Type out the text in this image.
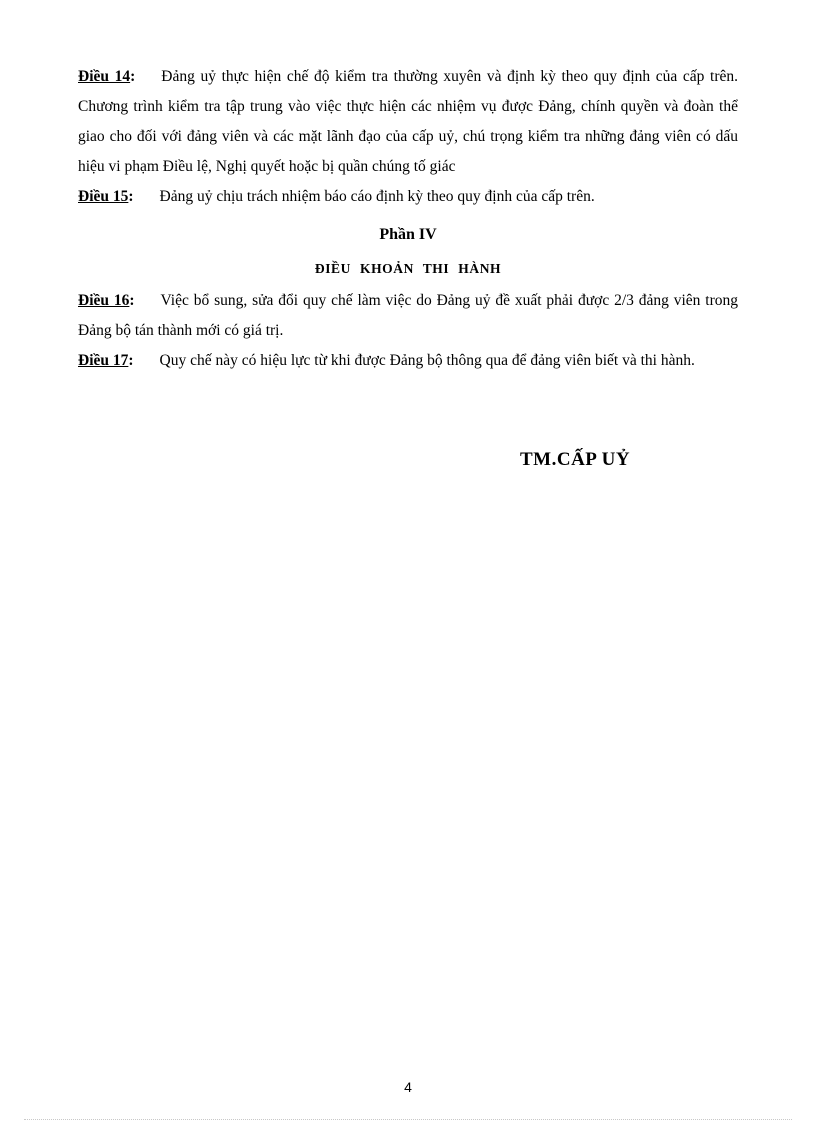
Điều 14: Đảng uỷ thực hiện chế độ kiểm tra thường xuyên và định kỳ theo quy định của cấp trên. Chương trình kiểm tra tập trung vào việc thực hiện các nhiệm vụ được Đảng, chính quyền và đoàn thể giao cho đối với đảng viên và các mặt lãnh đạo của cấp uỷ, chú trọng kiểm tra những đảng viên có dấu hiệu vi phạm Điều lệ, Nghị quyết hoặc bị quần chúng tố giác

Điều 15: Đảng uỷ chịu trách nhiệm báo cáo định kỳ theo quy định của cấp trên.

Phần IV
ĐIỀU KHOẢN THI HÀNH

Điều 16: Việc bổ sung, sửa đổi quy chế làm việc do Đảng uỷ đề xuất phải được 2/3 đảng viên trong Đảng bộ tán thành mới có giá trị.

Điều 17: Quy chế này có hiệu lực từ khi được Đảng bộ thông qua để đảng viên biết và thi hành.

TM.CẤP UỶ
4
